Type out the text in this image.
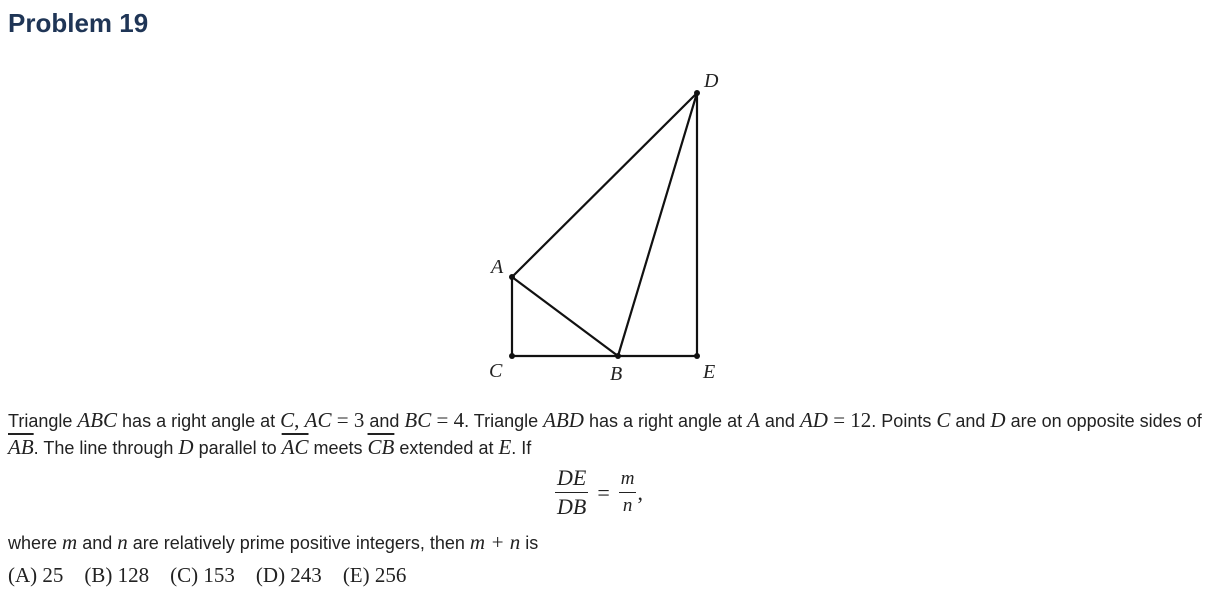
Problem 19
D
A
C	B	E
Triangle ABC has a right angle at C, AC = 3 and BC = 4. Triangle ABD has a right angle at A and AD = 12. Points C and D are on opposite sides of $\overline{AB}$. The line through D parallel to $\overline{AC}$ meets $\overline{CB}$ extended at E. If
$\frac{DE}{DB} = \frac{m}{n}$ ,
where m and n are relatively prime positive integers, then m + n is
(A) 25 (B) 128 (C) 153 (D) 243 (E) 256
